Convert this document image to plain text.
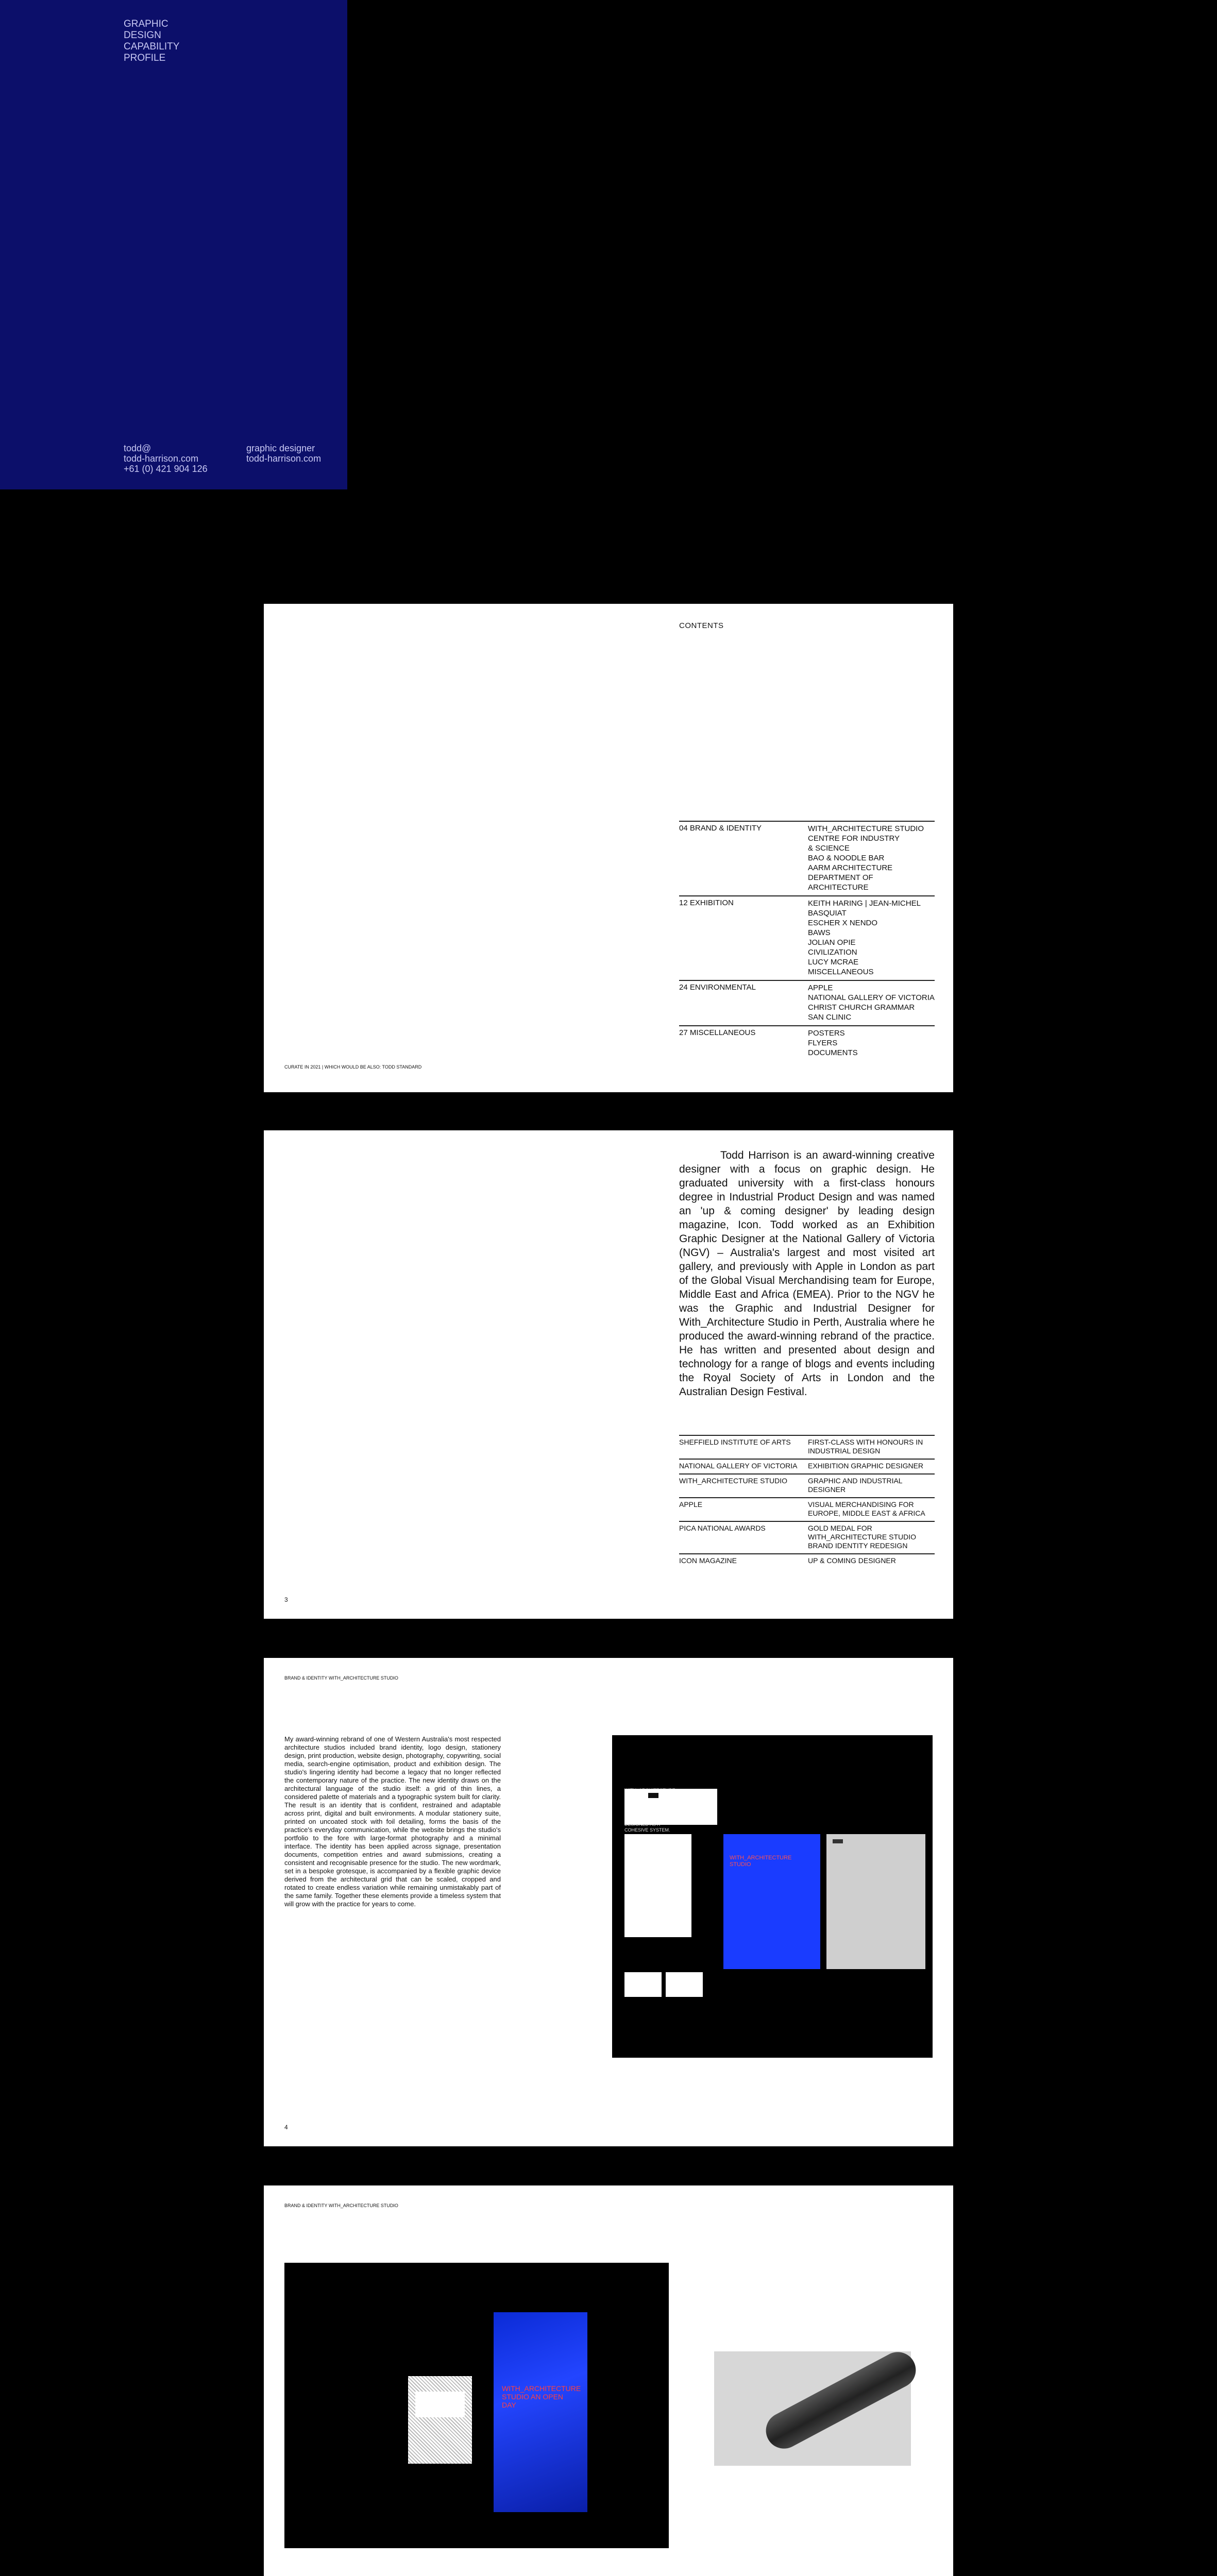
GRAPHIC
DESIGN
CAPABILITY
PROFILE
todd@
todd-harrison.com
+61 (0) 421 904 126
graphic designer
todd-harrison.com
CONTENTS
04 BRAND & IDENTITY	WITH_ARCHITECTURE STUDIO
CENTRE FOR INDUSTRY
& SCIENCE
BAO & NOODLE BAR
AARM ARCHITECTURE
DEPARTMENT OF ARCHITECTURE
12 EXHIBITION	KEITH HARING | JEAN-MICHEL
BASQUIAT
ESCHER X NENDO
BAWS
JOLIAN OPIE
CIVILIZATION
LUCY MCRAE
MISCELLANEOUS
24 ENVIRONMENTAL	APPLE
NATIONAL GALLERY OF VICTORIA
CHRIST CHURCH GRAMMAR
SAN CLINIC
27 MISCELLANEOUS	POSTERS
FLYERS
DOCUMENTS
CURATE IN 2021 | WHICH WOULD BE ALSO: TODD STANDARD
Todd Harrison is an award-winning creative designer with a focus on graphic design. He graduated university with a first-class honours degree in Industrial Product Design and was named an 'up & coming designer' by leading design magazine, Icon. Todd worked as an Exhibition Graphic Designer at the National Gallery of Victoria (NGV) – Australia's largest and most visited art gallery, and previously with Apple in London as part of the Global Visual Merchandising team for Europe, Middle East and Africa (EMEA). Prior to the NGV he was the Graphic and Industrial Designer for With_Architecture Studio in Perth, Australia where he produced the award-winning rebrand of the practice. He has written and presented about design and technology for a range of blogs and events including the Royal Society of Arts in London and the Australian Design Festival.
SHEFFIELD INSTITUTE OF ARTS	FIRST-CLASS WITH HONOURS IN
INDUSTRIAL DESIGN
NATIONAL GALLERY OF VICTORIA	EXHIBITION GRAPHIC DESIGNER
WITH_ARCHITECTURE STUDIO	GRAPHIC AND INDUSTRIAL
DESIGNER
APPLE	VISUAL MERCHANDISING FOR
EUROPE, MIDDLE EAST & AFRICA
PICA NATIONAL AWARDS	GOLD MEDAL FOR
WITH_ARCHITECTURE STUDIO
BRAND IDENTITY REDESIGN
ICON MAGAZINE	UP & COMING DESIGNER
3
BRAND & IDENTITY WITH_ARCHITECTURE STUDIO
My award-winning rebrand of one of Western Australia's most respected architecture studios included brand identity, logo design, stationery design, print production, website design, photography, copywriting, social media, search-engine optimisation, product and exhibition design. The studio's lingering identity had become a legacy that no longer reflected the contemporary nature of the practice. The new identity draws on the architectural language of the studio itself: a grid of thin lines, a considered palette of materials and a typographic system built for clarity. The result is an identity that is confident, restrained and adaptable across print, digital and built environments. A modular stationery suite, printed on uncoated stock with foil detailing, forms the basis of the practice's everyday communication, while the website brings the studio's portfolio to the fore with large-format photography and a minimal interface. The identity has been applied across signage, presentation documents, competition entries and award submissions, creating a consistent and recognisable presence for the studio. The new wordmark, set in a bespoke grotesque, is accompanied by a flexible graphic device derived from the architectural grid that can be scaled, cropped and rotated to create endless variation while remaining unmistakably part of the same family. Together these elements provide a timeless system that will grow with the practice for years to come.
COHESIVE SYSTEM.
WITH_ARCHITECTURE STUDIO
4
BRAND & IDENTITY WITH_ARCHITECTURE STUDIO
WITH_ARCHITECTURE STUDIO AN OPEN DAY
